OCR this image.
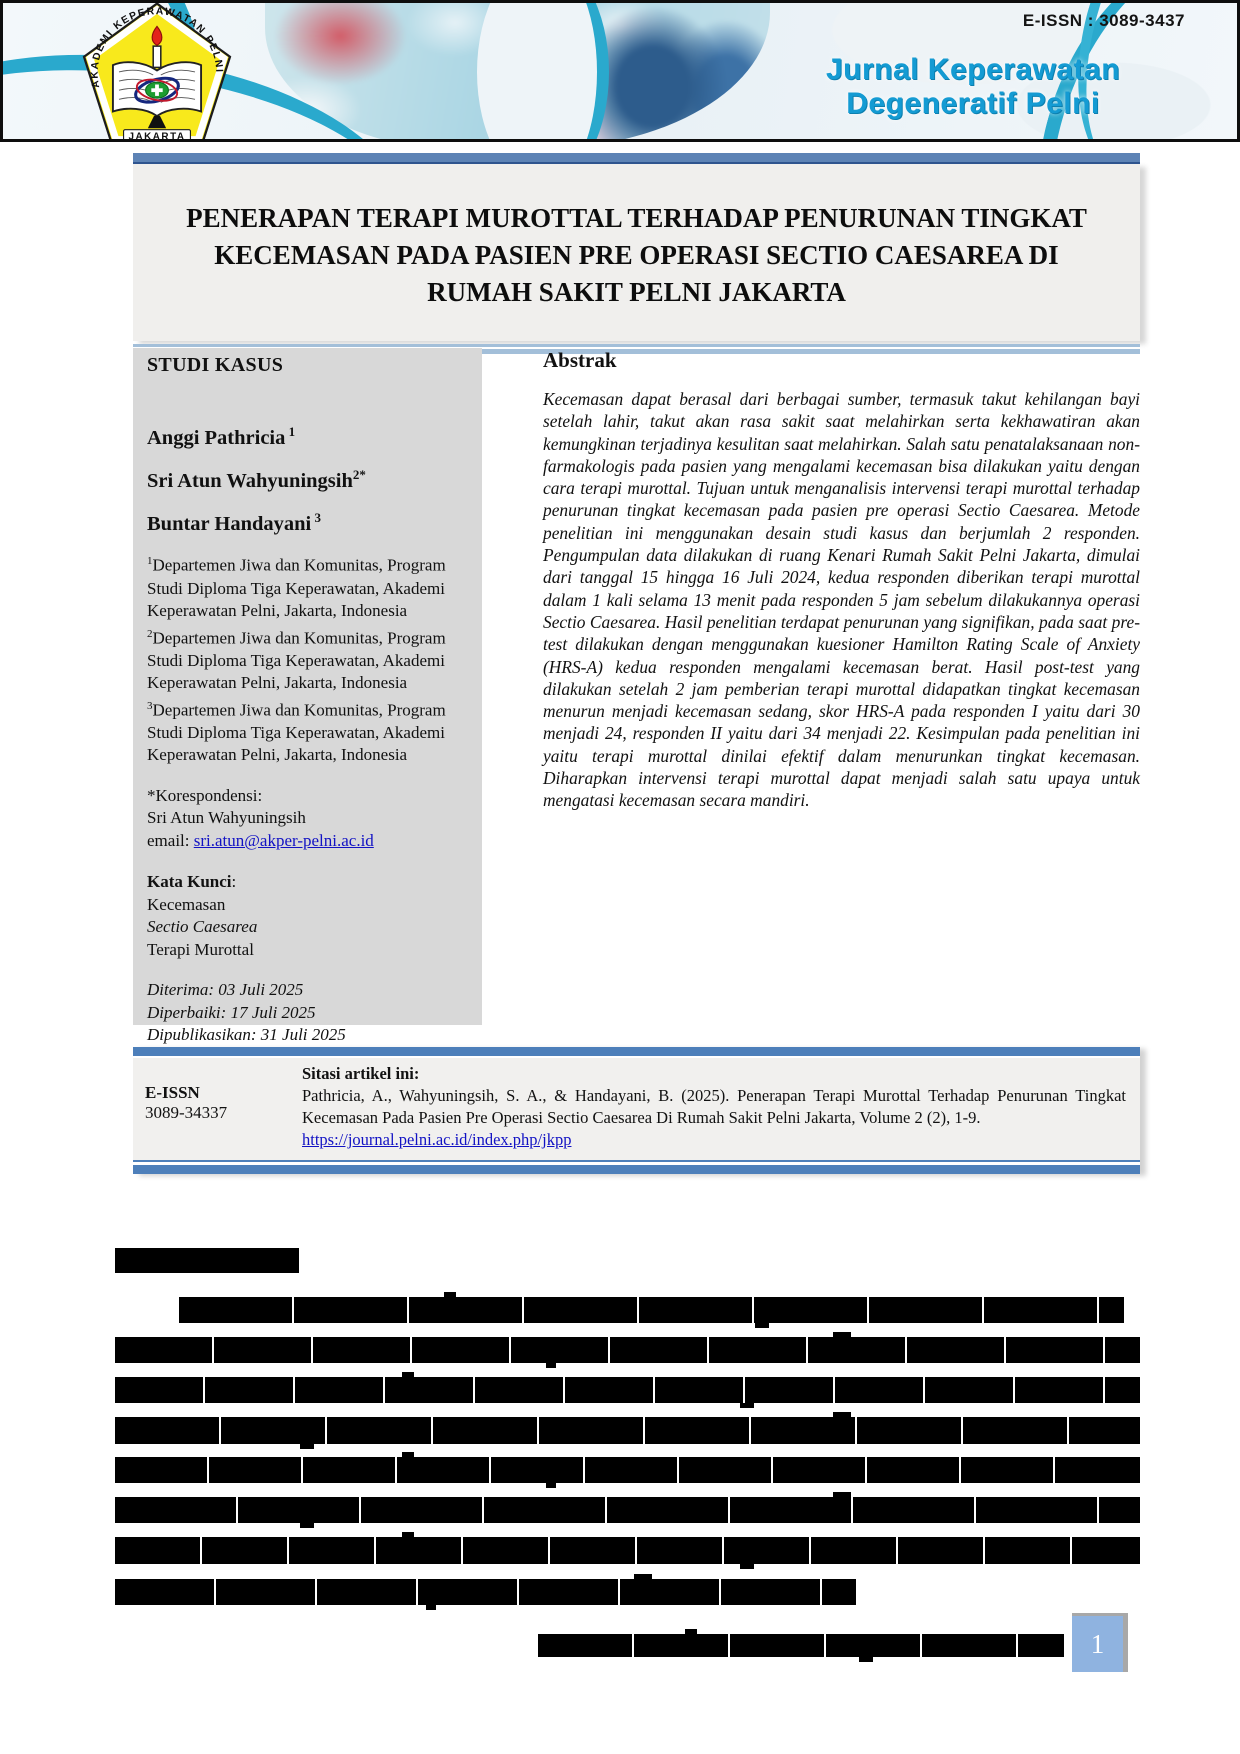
AKADEMI KEPERAWATAN PELNI
JAKARTA
Jurnal Keperawatan Degeneratif Pelni
E-ISSN : 3089-3437
PENERAPAN TERAPI MUROTTAL TERHADAP PENURUNAN TINGKAT KECEMASAN PADA PASIEN PRE OPERASI SECTIO CAESAREA DI RUMAH SAKIT PELNI JAKARTA
STUDI KASUS
Anggi Pathricia $^1$
Sri Atun Wahyuningsih$^{2*}$
Buntar Handayani $^3$
$^1$Departemen Jiwa dan Komunitas, Program Studi Diploma Tiga Keperawatan, Akademi Keperawatan Pelni, Jakarta, Indonesia
$^2$Departemen Jiwa dan Komunitas, Program Studi Diploma Tiga Keperawatan, Akademi Keperawatan Pelni, Jakarta, Indonesia
$^3$Departemen Jiwa dan Komunitas, Program Studi Diploma Tiga Keperawatan, Akademi Keperawatan Pelni, Jakarta, Indonesia
*Korespondensi:
Sri Atun Wahyuningsih
email: sri.atun@akper-pelni.ac.id
Kata Kunci:
Kecemasan
Sectio Caesarea
Terapi Murottal
Diterima: 03 Juli 2025
Diperbaiki: 17 Juli 2025
Dipublikasikan: 31 Juli 2025
Abstrak
Kecemasan dapat berasal dari berbagai sumber, termasuk takut kehilangan bayi setelah lahir, takut akan rasa sakit saat melahirkan serta kekhawatiran akan kemungkinan terjadinya kesulitan saat melahirkan. Salah satu penatalaksanaan non- farmakologis pada pasien yang mengalami kecemasan bisa dilakukan yaitu dengan cara terapi murottal. Tujuan untuk menganalisis intervensi terapi murottal terhadap penurunan tingkat kecemasan pada pasien pre operasi Sectio Caesarea. Metode penelitian ini menggunakan desain studi kasus dan berjumlah 2 responden. Pengumpulan data dilakukan di ruang Kenari Rumah Sakit Pelni Jakarta, dimulai dari tanggal 15 hingga 16 Juli 2024, kedua responden diberikan terapi murottal dalam 1 kali selama 13 menit pada responden 5 jam sebelum dilakukannya operasi Sectio Caesarea. Hasil penelitian terdapat penurunan yang signifikan, pada saat pre-test dilakukan dengan menggunakan kuesioner Hamilton Rating Scale of Anxiety (HRS-A) kedua responden mengalami kecemasan berat. Hasil post-test yang dilakukan setelah 2 jam pemberian terapi murottal didapatkan tingkat kecemasan menurun menjadi kecemasan sedang, skor HRS-A pada responden I yaitu dari 30 menjadi 24, responden II yaitu dari 34 menjadi 22. Kesimpulan pada penelitian ini yaitu terapi murottal dinilai efektif dalam menurunkan tingkat kecemasan. Diharapkan intervensi terapi murottal dapat menjadi salah satu upaya untuk mengatasi kecemasan secara mandiri.
E-ISSN
3089-34337
Sitasi artikel ini:
Pathricia, A., Wahyuningsih, S. A., & Handayani, B. (2025). Penerapan Terapi Murottal Terhadap Penurunan Tingkat Kecemasan Pada Pasien Pre Operasi Sectio Caesarea Di Rumah Sakit Pelni Jakarta, Volume 2 (2), 1-9.
https://journal.pelni.ac.id/index.php/jkpp
1
